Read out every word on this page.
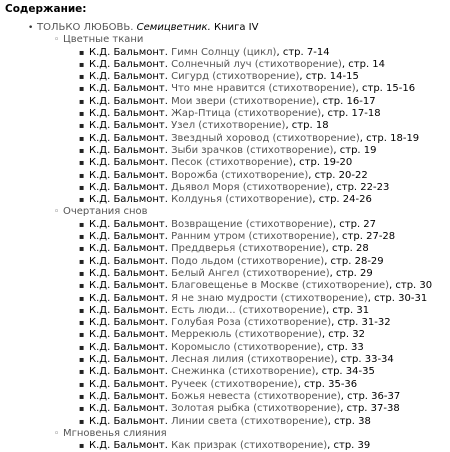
Содержание:
• ТОЛЬКО ЛЮБОВЬ. Семицветник. Книга IV
◦ Цветные ткани
▪ К.Д. Бальмонт. Гимн Солнцу (цикл), стр. 7-14
▪ К.Д. Бальмонт. Солнечный луч (стихотворение), стр. 14
▪ К.Д. Бальмонт. Сигурд (стихотворение), стр. 14-15
▪ К.Д. Бальмонт. Что мне нравится (стихотворение), стр. 15-16
▪ К.Д. Бальмонт. Мои звери (стихотворение), стр. 16-17
▪ К.Д. Бальмонт. Жар-Птица (стихотворение), стр. 17-18
▪ К.Д. Бальмонт. Узел (стихотворение), стр. 18
▪ К.Д. Бальмонт. Звездный хоровод (стихотворение), стр. 18-19
▪ К.Д. Бальмонт. Зыби зрачков (стихотворение), стр. 19
▪ К.Д. Бальмонт. Песок (стихотворение), стр. 19-20
▪ К.Д. Бальмонт. Ворожба (стихотворение), стр. 20-22
▪ К.Д. Бальмонт. Дьявол Моря (стихотворение), стр. 22-23
▪ К.Д. Бальмонт. Колдунья (стихотворение), стр. 24-26
◦ Очертания снов
▪ К.Д. Бальмонт. Возвращение (стихотворение), стр. 27
▪ К.Д. Бальмонт. Ранним утром (стихотворение), стр. 27-28
▪ К.Д. Бальмонт. Преддверья (стихотворение), стр. 28
▪ К.Д. Бальмонт. Подо льдом (стихотворение), стр. 28-29
▪ К.Д. Бальмонт. Белый Ангел (стихотворение), стр. 29
▪ К.Д. Бальмонт. Благовещенье в Москве (стихотворение), стр. 30
▪ К.Д. Бальмонт. Я не знаю мудрости (стихотворение), стр. 30-31
▪ К.Д. Бальмонт. Есть люди... (стихотворение), стр. 31
▪ К.Д. Бальмонт. Голубая Роза (стихотворение), стр. 31-32
▪ К.Д. Бальмонт. Меррекюль (стихотворение), стр. 32
▪ К.Д. Бальмонт. Коромысло (стихотворение), стр. 33
▪ К.Д. Бальмонт. Лесная лилия (стихотворение), стр. 33-34
▪ К.Д. Бальмонт. Снежинка (стихотворение), стр. 34-35
▪ К.Д. Бальмонт. Ручеек (стихотворение), стр. 35-36
▪ К.Д. Бальмонт. Божья невеста (стихотворение), стр. 36-37
▪ К.Д. Бальмонт. Золотая рыбка (стихотворение), стр. 37-38
▪ К.Д. Бальмонт. Линии света (стихотворение), стр. 38
◦ Мгновенья слияния
▪ К.Д. Бальмонт. Как призрак (стихотворение), стр. 39
